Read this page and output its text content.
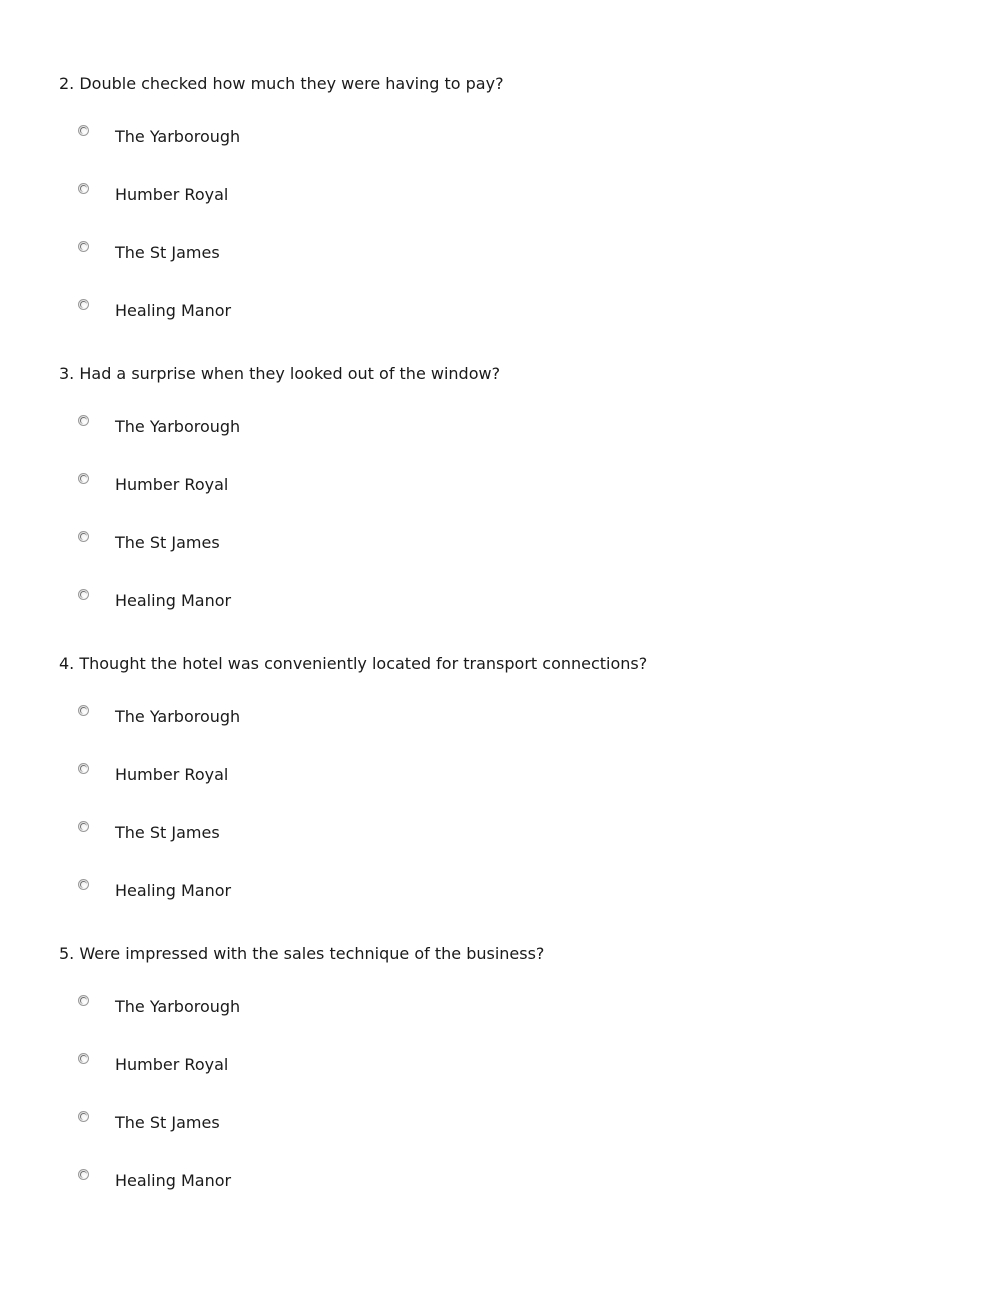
2. Double checked how much they were having to pay?
The Yarborough
Humber Royal
The St James
Healing Manor
3. Had a surprise when they looked out of the window?
The Yarborough
Humber Royal
The St James
Healing Manor
4. Thought the hotel was conveniently located for transport connections?
The Yarborough
Humber Royal
The St James
Healing Manor
5. Were impressed with the sales technique of the business?
The Yarborough
Humber Royal
The St James
Healing Manor
